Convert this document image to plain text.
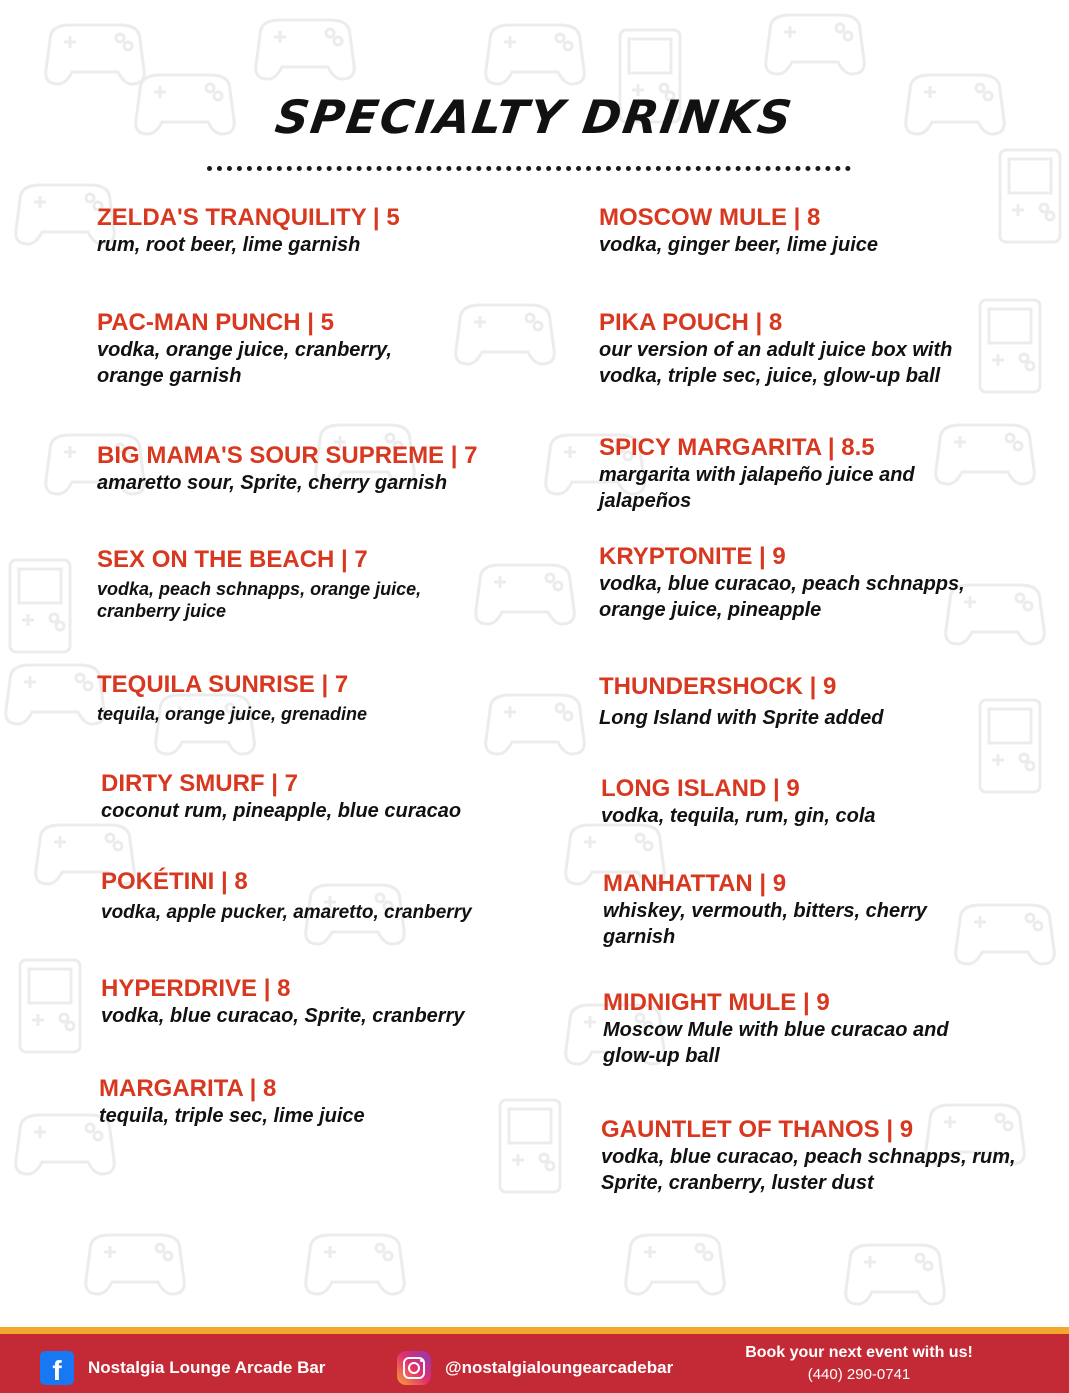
SPECIALTY DRINKS
ZELDA'S TRANQUILITY | 5
rum, root beer, lime garnish
PAC-MAN PUNCH | 5
vodka, orange juice, cranberry, orange garnish
BIG MAMA'S SOUR SUPREME | 7
amaretto sour, Sprite, cherry garnish
SEX ON THE BEACH | 7
vodka, peach schnapps, orange juice, cranberry juice
TEQUILA SUNRISE | 7
tequila, orange juice, grenadine
DIRTY SMURF | 7
coconut rum, pineapple, blue curacao
POKÉTINI | 8
vodka, apple pucker, amaretto, cranberry
HYPERDRIVE | 8
vodka, blue curacao, Sprite, cranberry
MARGARITA | 8
tequila, triple sec, lime juice
MOSCOW MULE | 8
vodka, ginger beer, lime juice
PIKA POUCH | 8
our version of an adult juice box with vodka, triple sec, juice, glow-up ball
SPICY MARGARITA | 8.5
margarita with jalapeño juice and jalapeños
KRYPTONITE | 9
vodka, blue curacao, peach schnapps, orange juice, pineapple
THUNDERSHOCK | 9
Long Island with Sprite added
LONG ISLAND | 9
vodka, tequila, rum, gin, cola
MANHATTAN | 9
whiskey, vermouth, bitters, cherry garnish
MIDNIGHT MULE | 9
Moscow Mule with blue curacao and glow-up ball
GAUNTLET OF THANOS | 9
vodka, blue curacao, peach schnapps, rum, Sprite, cranberry, luster dust
f	Nostalgia Lounge Arcade Bar	@nostalgialoungearcadebar
Book your next event with us!
(440) 290-0741
